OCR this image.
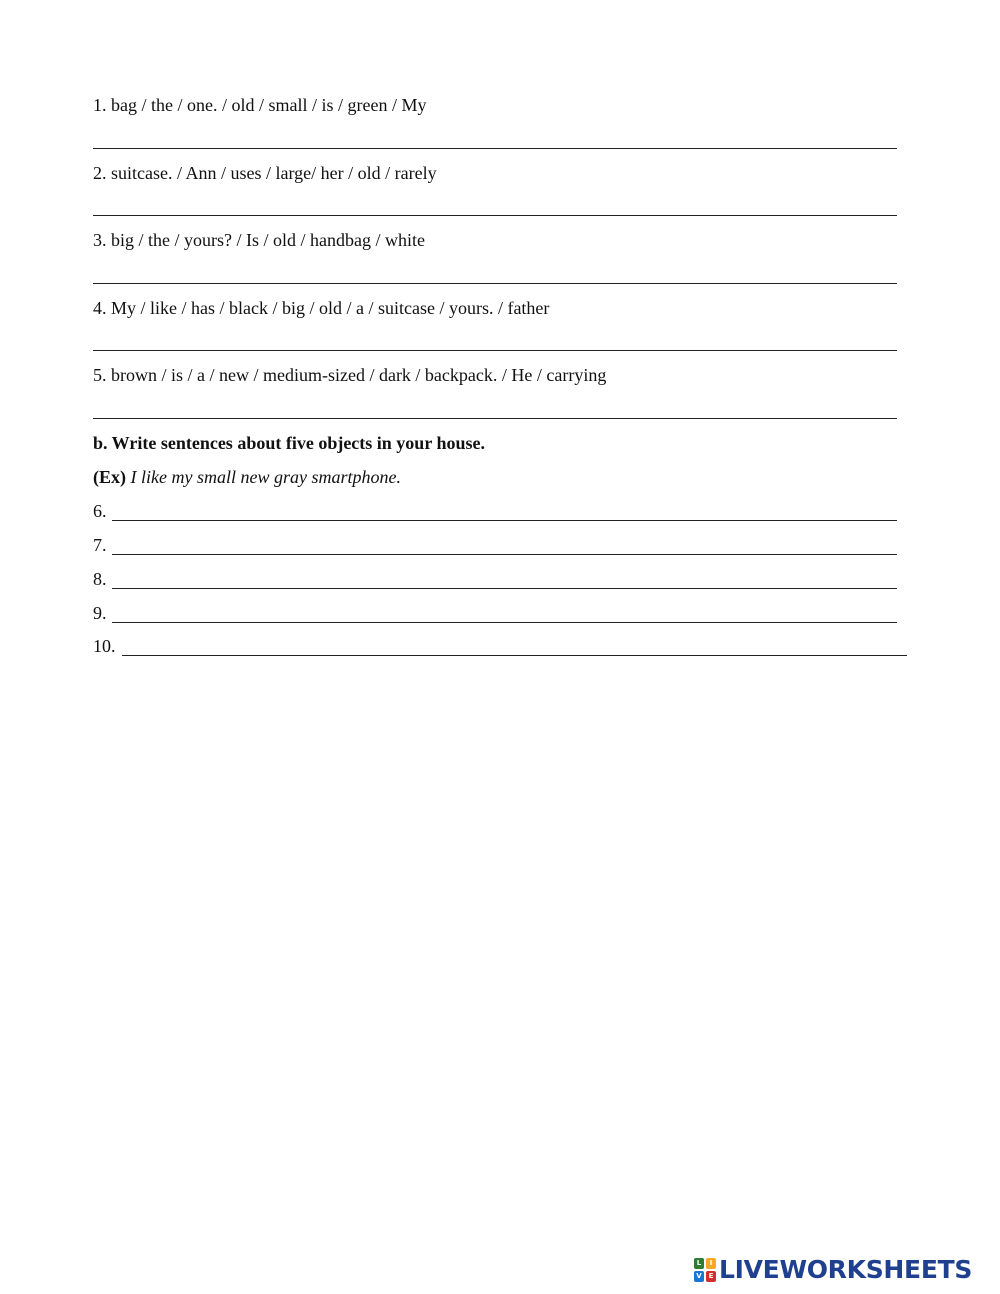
1. bag / the / one. / old / small / is / green / My
2. suitcase. / Ann / uses / large/ her / old / rarely
3. big / the / yours? / Is / old / handbag / white
4. My / like / has / black / big / old / a / suitcase / yours. / father
5. brown / is / a / new / medium-sized / dark / backpack. / He / carrying
b. Write sentences about five objects in your house.
(Ex) I like my small new gray smartphone.
6.
7.
8.
9.
10.
L	I
V E LIVEWORKSHEETS
